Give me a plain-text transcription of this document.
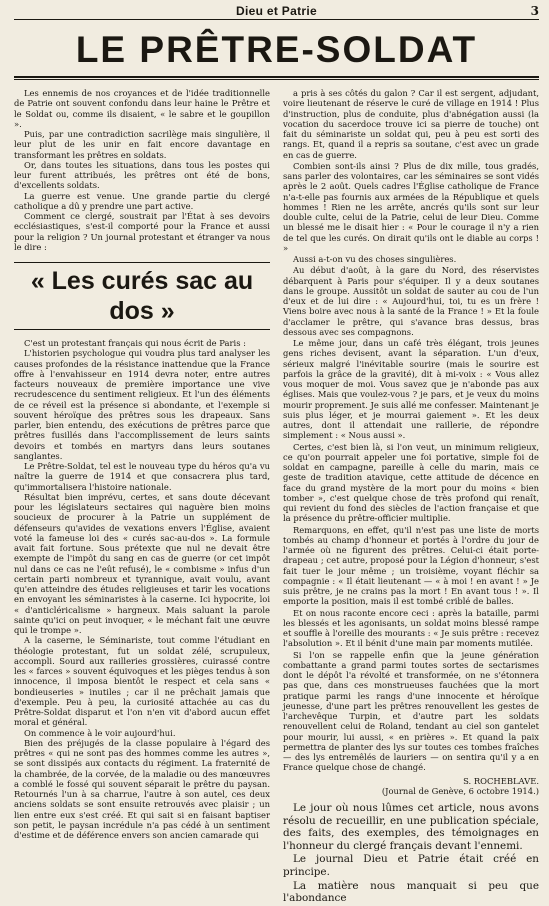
Dieu et Patrie	3
LE PRÊTRE-SOLDAT

Les ennemis de nos croyances et de l'idée traditionnelle de Patrie ont souvent confondu dans leur haine le Prêtre et le Soldat ou, comme ils disaient, « le sabre et le goupillon ».

Puis, par une contradiction sacrilège mais singulière, il leur plut de les unir en fait encore davantage en transformant les prêtres en soldats.

Or, dans toutes les situations, dans tous les postes qui leur furent attribués, les prêtres ont été de bons, d'excellents soldats.

La guerre est venue. Une grande partie du clergé catholique a dû y prendre une part active.

Comment ce clergé, soustrait par l'État à ses devoirs ecclésiastiques, s'est-il comporté pour la France et aussi pour la religion ? Un journal protestant et étranger va nous le dire :

« Les curés sac au dos »

C'est un protestant français qui nous écrit de Paris :

L'historien psychologue qui voudra plus tard analyser les causes profondes de la résistance inattendue que la France offre à l'envahisseur en 1914 devra noter, entre autres facteurs nouveaux de première importance une vive recrudescence du sentiment religieux. Et l'un des éléments de ce réveil est la présence si abondante, et l'exemple si souvent héroïque des prêtres sous les drapeaux. Sans parler, bien entendu, des exécutions de prêtres parce que prêtres fusillés dans l'accomplissement de leurs saints devoirs et tombés en martyrs dans leurs soutanes sanglantes.

Le Prêtre-Soldat, tel est le nouveau type du héros qu'a vu naître la guerre de 1914 et que consacrera plus tard, qu'immortalisera l'histoire nationale.

Résultat bien imprévu, certes, et sans doute décevant pour les législateurs sectaires qui naguère bien moins soucieux de procurer à la Patrie un supplément de défenseurs qu'avides de vexations envers l'Église, avaient voté la fameuse loi des « curés sac-au-dos ». La formule avait fait fortune. Sous prétexte que nul ne devait être exempte de l'impôt du sang en cas de guerre (or cet impôt nul dans ce cas ne l'eût refusé), le « combisme » infus d'un certain parti nombreux et tyrannique, avait voulu, avant qu'en atteindre des études religieuses et tarir les vocations en envoyant les séminaristes à la caserne. Ici hypocrite, loi « d'anticléricalisme » hargneux. Mais saluant la parole sainte qu'ici on peut invoquer, « le méchant fait une œuvre qui le trompe ».

A la caserne, le Séminariste, tout comme l'étudiant en théologie protestant, fut un soldat zélé, scrupuleux, accompli. Sourd aux railleries grossières, cuirassé contre les « farces » souvent équivoques et les pièges tendus à son innocence, il imposa bientôt le respect et cela sans « bondieuseries » inutiles ; car il ne prêchait jamais que d'exemple. Peu à peu, la curiosité attachée au cas du Prêtre-Soldat disparut et l'on n'en vit d'abord aucun effet moral et général.

On commence à le voir aujourd'hui.

Bien des préjugés de la classe populaire à l'égard des prêtres « qui ne sont pas des hommes comme les autres », se sont dissipés aux contacts du régiment. La fraternité de la chambrée, de la corvée, de la maladie ou des manœuvres a comblé le fossé qui souvent séparait le prêtre du paysan. Retournés l'un à sa charrue, l'autre à son autel, ces deux anciens soldats se sont ensuite retrouvés avec plaisir ; un lien entre eux s'est créé. Et qui sait si en faisant baptiser son petit, le paysan incrédule n'a pas cédé à un sentiment d'estime et de déférence envers son ancien camarade qui

a pris à ses côtés du galon ? Car il est sergent, adjudant, voire lieutenant de réserve le curé de village en 1914 ! Plus d'instruction, plus de conduite, plus d'abnégation aussi (la vocation du sacerdoce trouve ici sa pierre de touche) ont fait du séminariste un soldat qui, peu à peu est sorti des rangs. Et, quand il a repris sa soutane, c'est avec un grade en cas de guerre.

Combien sont-ils ainsi ? Plus de dix mille, tous gradés, sans parler des volontaires, car les séminaires se sont vidés après le 2 août. Quels cadres l'Église catholique de France n'a-t-elle pas fournis aux armées de la République et quels hommes ! Rien ne les arrête, ancrés qu'ils sont sur leur double culte, celui de la Patrie, celui de leur Dieu. Comme un blessé me le disait hier : « Pour le courage il n'y a rien de tel que les curés. On dirait qu'ils ont le diable au corps ! »

Aussi a-t-on vu des choses singulières.

Au début d'août, à la gare du Nord, des réservistes débarquent à Paris pour s'équiper. Il y a deux soutanes dans le groupe. Aussitôt un soldat de sauter au cou de l'un d'eux et de lui dire : « Aujourd'hui, toi, tu es un frère ! Viens boire avec nous à la santé de la France ! » Et la foule d'acclamer le prêtre, qui s'avance bras dessus, bras dessous avec ses compagnons.

Le même jour, dans un café très élégant, trois jeunes gens riches devisent, avant la séparation. L'un d'eux, sérieux malgré l'inévitable sourire (mais le sourire est parfois la grâce de la gravité), dit à mi-voix : « Vous allez vous moquer de moi. Vous savez que je n'abonde pas aux églises. Mais que voulez-vous ? je pars, et je veux du moins mourir proprement. Je suis allé me confesser. Maintenant je suis plus léger, et je mourrai gaiement ». Et les deux autres, dont il attendait une raillerie, de répondre simplement : « Nous aussi ».

Certes, c'est bien là, si l'on veut, un minimum religieux, ce qu'on pourrait appeler une foi portative, simple foi de soldat en campagne, pareille à celle du marin, mais ce geste de tradition atavique, cette attitude de décence en face du grand mystère de la mort pour du moins « bien tomber », c'est quelque chose de très profond qui renaît, qui revient du fond des siècles de l'action française et que la présence du prêtre-officier multiplie.

Remarquons, en effet, qu'il n'est pas une liste de morts tombés au champ d'honneur et portés à l'ordre du jour de l'armée où ne figurent des prêtres. Celui-ci était porte-drapeau ; cet autre, proposé pour la Légion d'honneur, s'est fait tuer le jour même ; un troisième, voyant fléchir sa compagnie : « Il était lieutenant — « à moi ! en avant ! » Je suis prêtre, je ne crains pas la mort ! En avant tous ! ». Il emporte la position, mais il est tombé criblé de balles.

Et on nous raconte encore ceci : après la bataille, parmi les blessés et les agonisants, un soldat moins blessé rampe et souffle à l'oreille des mourants : « Je suis prêtre : recevez l'absolution ». Et il bénit d'une main par moments mutilée.

Si l'on se rappelle enfin que la jeune génération combattante a grand parmi toutes sortes de sectarismes dont le dépôt l'a révolté et transformée, on ne s'étonnera pas que, dans ces monstrueuses fauchées que la mort pratique parmi les rangs d'une innocente et héroïque jeunesse, d'une part les prêtres renouvellent les gestes de l'archevêque Turpin, et d'autre part les soldats renouvellent celui de Roland, tendant au ciel son gantelet pour mourir, lui aussi, « en prières ». Et quand la paix permettra de planter des lys sur toutes ces tombes fraîches — des lys entremêlés de lauriers — on sentira qu'il y a en France quelque chose de changé.

S. ROCHEBLAVE.
(Journal de Genève, 6 octobre 1914.)

Le jour où nous lûmes cet article, nous avons résolu de recueillir, en une publication spéciale, des faits, des exemples, des témoignages en l'honneur du clergé français devant l'ennemi.

Le journal Dieu et Patrie était créé en principe.

La matière nous manquait si peu que l'abondance
